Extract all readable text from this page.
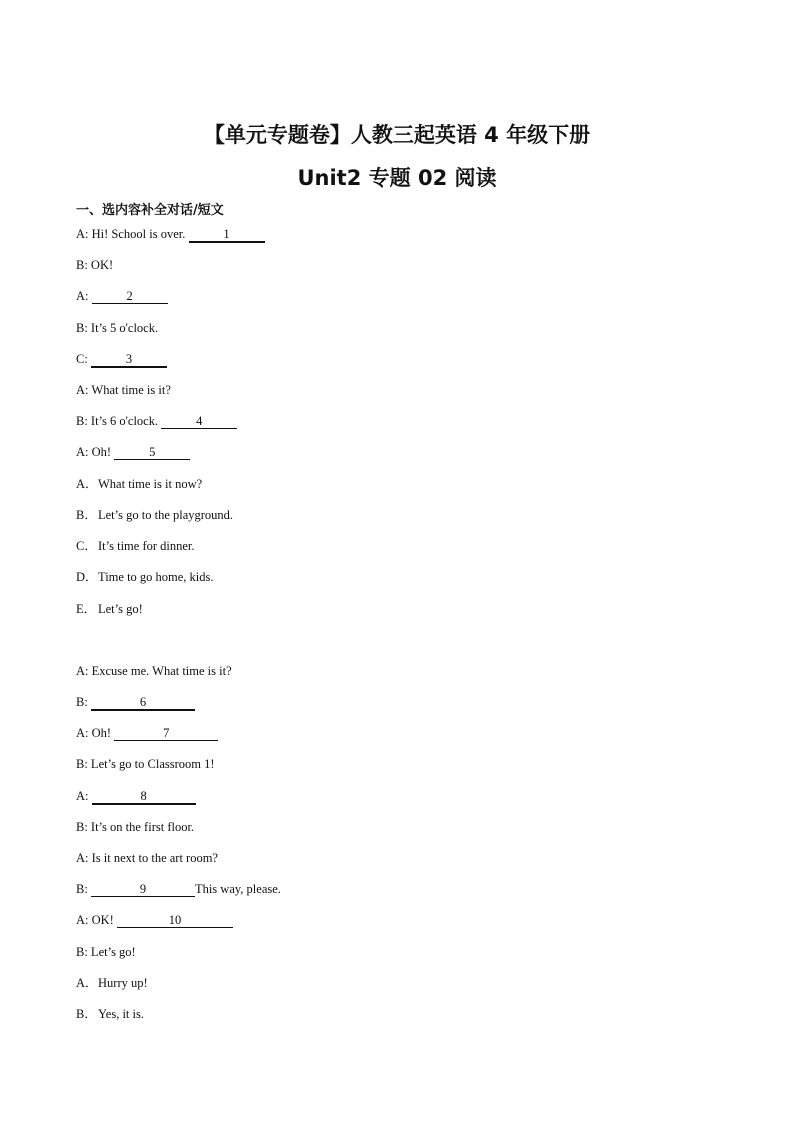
【单元专题卷】人教三起英语 4 年级下册
Unit2 专题 02 阅读
一、选内容补全对话/短文
A: Hi! School is over.	1
B: OK!
A:	2
B: It’s 5 o'clock.
C:	3
A: What time is it?
B: It’s 6 o'clock.	4
A: Oh!	5
A．What time is it now?
B．Let’s go to the playground.
C．It’s time for dinner.
D．Time to go home, kids.
E． Let’s go!
A: Excuse me. What time is it?
B:	6
A: Oh!	7
B: Let’s go to Classroom 1!
A:	8
B: It’s on the first floor.
A: Is it next to the art room?
B:	9	This way, please.
A: OK!	10
B: Let’s go!
A．Hurry up!
B．Yes, it is.
